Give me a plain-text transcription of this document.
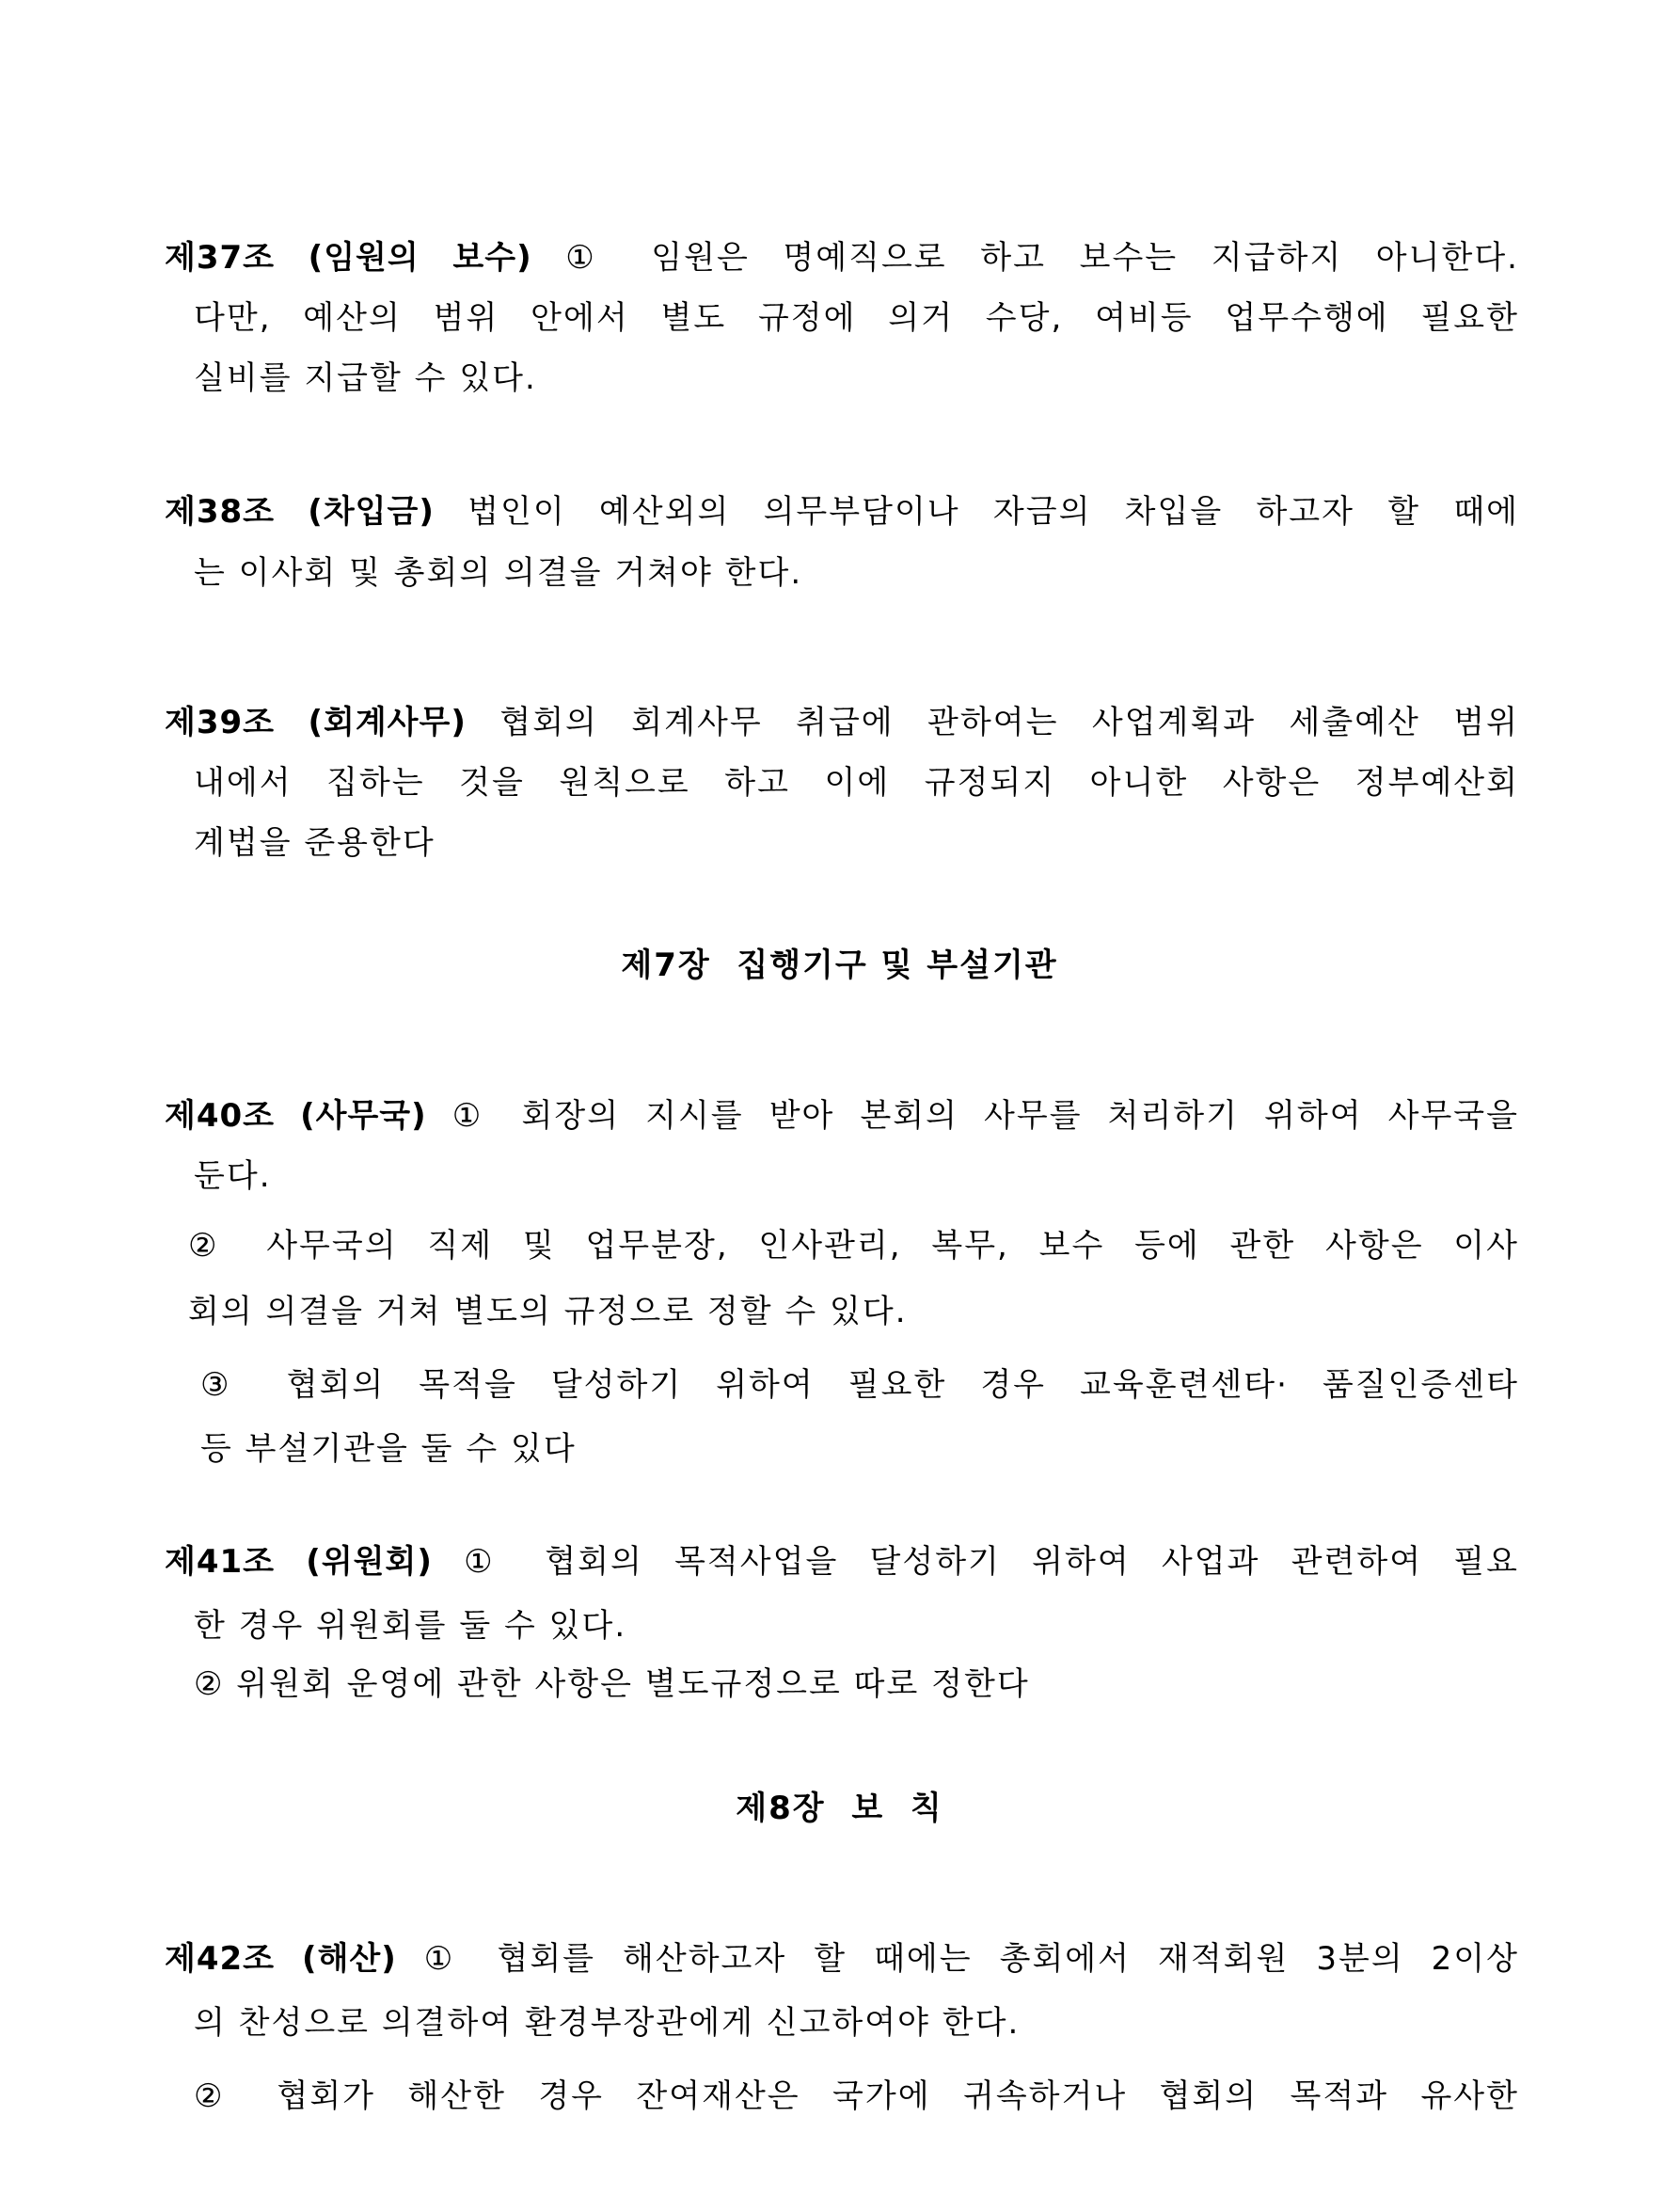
제37조 (임원의 보수) ① 임원은 명예직으로 하고 보수는 지급하지 아니한다.
다만, 예산의 범위 안에서 별도 규정에 의거 수당, 여비등 업무수행에 필요한
실비를 지급할 수 있다.
제38조 (차입금) 법인이 예산외의 의무부담이나 자금의 차입을 하고자 할 때에
는 이사회 및 총회의 의결을 거쳐야 한다.
제39조 (회계사무) 협회의 회계사무 취급에 관하여는 사업계획과 세출예산 범위
내에서 집하는 것을 원칙으로 하고 이에 규정되지 아니한 사항은 정부예산회
계법을 준용한다
제7장  집행기구 및 부설기관
제40조 (사무국) ① 회장의 지시를 받아 본회의 사무를 처리하기 위하여 사무국을
둔다.
② 사무국의 직제 및 업무분장, 인사관리, 복무, 보수 등에 관한 사항은 이사
회의 의결을 거쳐 별도의 규정으로 정할 수 있다.
③ 협회의 목적을 달성하기 위하여 필요한 경우 교육훈련센타· 품질인증센타
등 부설기관을 둘 수 있다
제41조 (위원회) ① 협회의 목적사업을 달성하기 위하여 사업과 관련하여 필요
한 경우 위원회를 둘 수 있다.
② 위원회 운영에 관한 사항은 별도규정으로 따로 정한다
제8장  보  칙
제42조 (해산) ① 협회를 해산하고자 할 때에는 총회에서 재적회원 3분의 2이상
의 찬성으로 의결하여 환경부장관에게 신고하여야 한다.
② 협회가 해산한 경우 잔여재산은 국가에 귀속하거나 협회의 목적과 유사한
